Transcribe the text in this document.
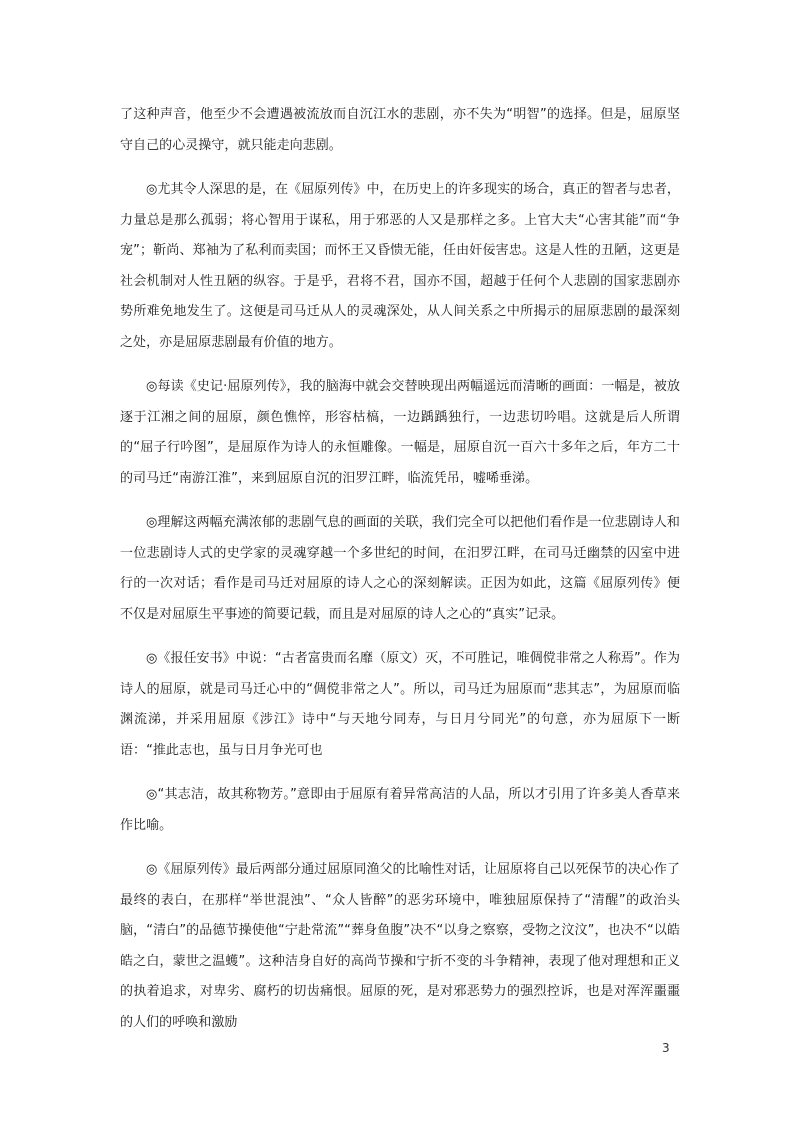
了这种声音，他至少不会遭遇被流放而自沉江水的悲剧，亦不失为“明智”的选择。但是，屈原坚守自己的心灵操守，就只能走向悲剧。

◎尤其令人深思的是，在《屈原列传》中，在历史上的许多现实的场合，真正的智者与忠者，力量总是那么孤弱；将心智用于谋私，用于邪恶的人又是那样之多。上官大夫“心害其能”而“争宠”；靳尚、郑袖为了私利而卖国；而怀王又昏愦无能，任由奸佞害忠。这是人性的丑陋，这更是社会机制对人性丑陋的纵容。于是乎，君将不君，国亦不国，超越于任何个人悲剧的国家悲剧亦势所难免地发生了。这便是司马迁从人的灵魂深处，从人间关系之中所揭示的屈原悲剧的最深刻之处，亦是屈原悲剧最有价值的地方。

◎每读《史记·屈原列传》，我的脑海中就会交替映现出两幅遥远而清晰的画面：一幅是，被放逐于江湘之间的屈原，颜色憔悴，形容枯槁，一边踽踽独行，一边悲切吟唱。这就是后人所谓的“屈子行吟图”，是屈原作为诗人的永恒雕像。一幅是，屈原自沉一百六十多年之后，年方二十的司马迁“南游江淮”，来到屈原自沉的汨罗江畔，临流凭吊，嘘唏垂涕。

◎理解这两幅充满浓郁的悲剧气息的画面的关联，我们完全可以把他们看作是一位悲剧诗人和一位悲剧诗人式的史学家的灵魂穿越一个多世纪的时间，在汨罗江畔，在司马迁幽禁的囚室中进行的一次对话；看作是司马迁对屈原的诗人之心的深刻解读。正因为如此，这篇《屈原列传》便不仅是对屈原生平事迹的简要记载，而且是对屈原的诗人之心的“真实”记录。

◎《报任安书》中说：“古者富贵而名靡（原文）灭，不可胜记，唯倜傥非常之人称焉”。作为诗人的屈原，就是司马迁心中的“倜傥非常之人”。所以，司马迁为屈原而“悲其志”，为屈原而临渊流涕，并采用屈原《涉江》诗中“与天地兮同寿，与日月兮同光”的句意，亦为屈原下一断语：“推此志也，虽与日月争光可也

◎“其志洁，故其称物芳。”意即由于屈原有着异常高洁的人品，所以才引用了许多美人香草来作比喻。

◎《屈原列传》最后两部分通过屈原同渔父的比喻性对话，让屈原将自己以死保节的决心作了最终的表白，在那样“举世混浊”、“众人皆醉”的恶劣环境中，唯独屈原保持了“清醒”的政治头脑，“清白”的品德节操使他“宁赴常流”“葬身鱼腹”决不“以身之察察，受物之汶汶”，也决不“以皓皓之白，蒙世之温蠖”。这种洁身自好的高尚节操和宁折不变的斗争精神，表现了他对理想和正义的执着追求，对卑劣、腐朽的切齿痛恨。屈原的死，是对邪恶势力的强烈控诉，也是对浑浑噩噩的人们的呼唤和激励

3
